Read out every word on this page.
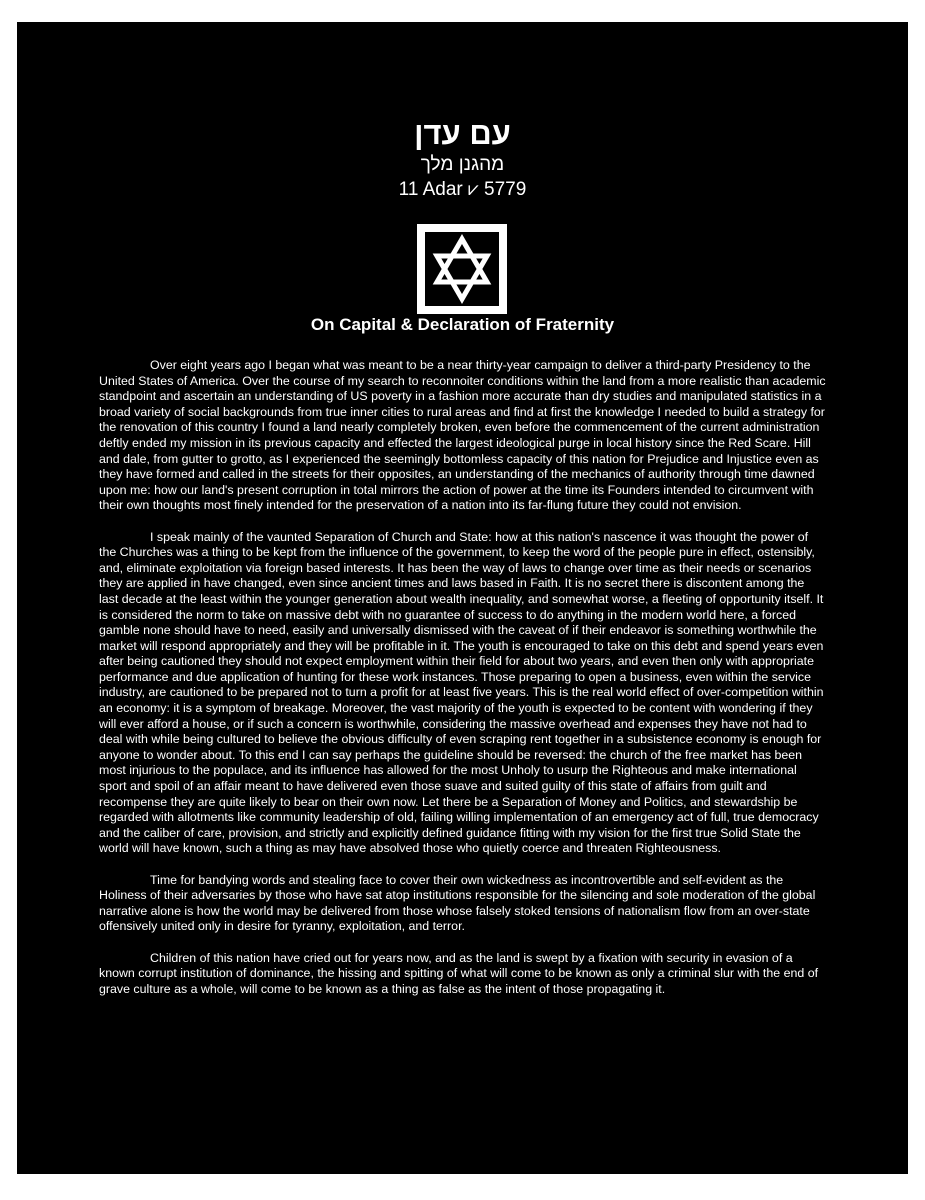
עם עדן
מהגנן מלך
11 Adar ⩗ 5779
On Capital & Declaration of Fraternity

Over eight years ago I began what was meant to be a near thirty-year campaign to deliver a third-party Presidency to the United States of America. Over the course of my search to reconnoiter conditions within the land from a more realistic than academic standpoint and ascertain an understanding of US poverty in a fashion more accurate than dry studies and manipulated statistics in a broad variety of social backgrounds from true inner cities to rural areas and find at first the knowledge I needed to build a strategy for the renovation of this country I found a land nearly completely broken, even before the commencement of the current administration deftly ended my mission in its previous capacity and effected the largest ideological purge in local history since the Red Scare. Hill and dale, from gutter to grotto, as I experienced the seemingly bottomless capacity of this nation for Prejudice and Injustice even as they have formed and called in the streets for their opposites, an understanding of the mechanics of authority through time dawned upon me: how our land's present corruption in total mirrors the action of power at the time its Founders intended to circumvent with their own thoughts most finely intended for the preservation of a nation into its far-flung future they could not envision.

I speak mainly of the vaunted Separation of Church and State: how at this nation's nascence it was thought the power of the Churches was a thing to be kept from the influence of the government, to keep the word of the people pure in effect, ostensibly, and, eliminate exploitation via foreign based interests. It has been the way of laws to change over time as their needs or scenarios they are applied in have changed, even since ancient times and laws based in Faith. It is no secret there is discontent among the last decade at the least within the younger generation about wealth inequality, and somewhat worse, a fleeting of opportunity itself. It is considered the norm to take on massive debt with no guarantee of success to do anything in the modern world here, a forced gamble none should have to need, easily and universally dismissed with the caveat of if their endeavor is something worthwhile the market will respond appropriately and they will be profitable in it. The youth is encouraged to take on this debt and spend years even after being cautioned they should not expect employment within their field for about two years, and even then only with appropriate performance and due application of hunting for these work instances. Those preparing to open a business, even within the service industry, are cautioned to be prepared not to turn a profit for at least five years. This is the real world effect of over-competition within an economy: it is a symptom of breakage. Moreover, the vast majority of the youth is expected to be content with wondering if they will ever afford a house, or if such a concern is worthwhile, considering the massive overhead and expenses they have not had to deal with while being cultured to believe the obvious difficulty of even scraping rent together in a subsistence economy is enough for anyone to wonder about. To this end I can say perhaps the guideline should be reversed: the church of the free market has been most injurious to the populace, and its influence has allowed for the most Unholy to usurp the Righteous and make international sport and spoil of an affair meant to have delivered even those suave and suited guilty of this state of affairs from guilt and recompense they are quite likely to bear on their own now. Let there be a Separation of Money and Politics, and stewardship be regarded with allotments like community leadership of old, failing willing implementation of an emergency act of full, true democracy and the caliber of care, provision, and strictly and explicitly defined guidance fitting with my vision for the first true Solid State the world will have known, such a thing as may have absolved those who quietly coerce and threaten Righteousness.

Time for bandying words and stealing face to cover their own wickedness as incontrovertible and self-evident as the Holiness of their adversaries by those who have sat atop institutions responsible for the silencing and sole moderation of the global narrative alone is how the world may be delivered from those whose falsely stoked tensions of nationalism flow from an over-state offensively united only in desire for tyranny, exploitation, and terror.

Children of this nation have cried out for years now, and as the land is swept by a fixation with security in evasion of a known corrupt institution of dominance, the hissing and spitting of what will come to be known as only a criminal slur with the end of grave culture as a whole, will come to be known as a thing as false as the intent of those propagating it.
